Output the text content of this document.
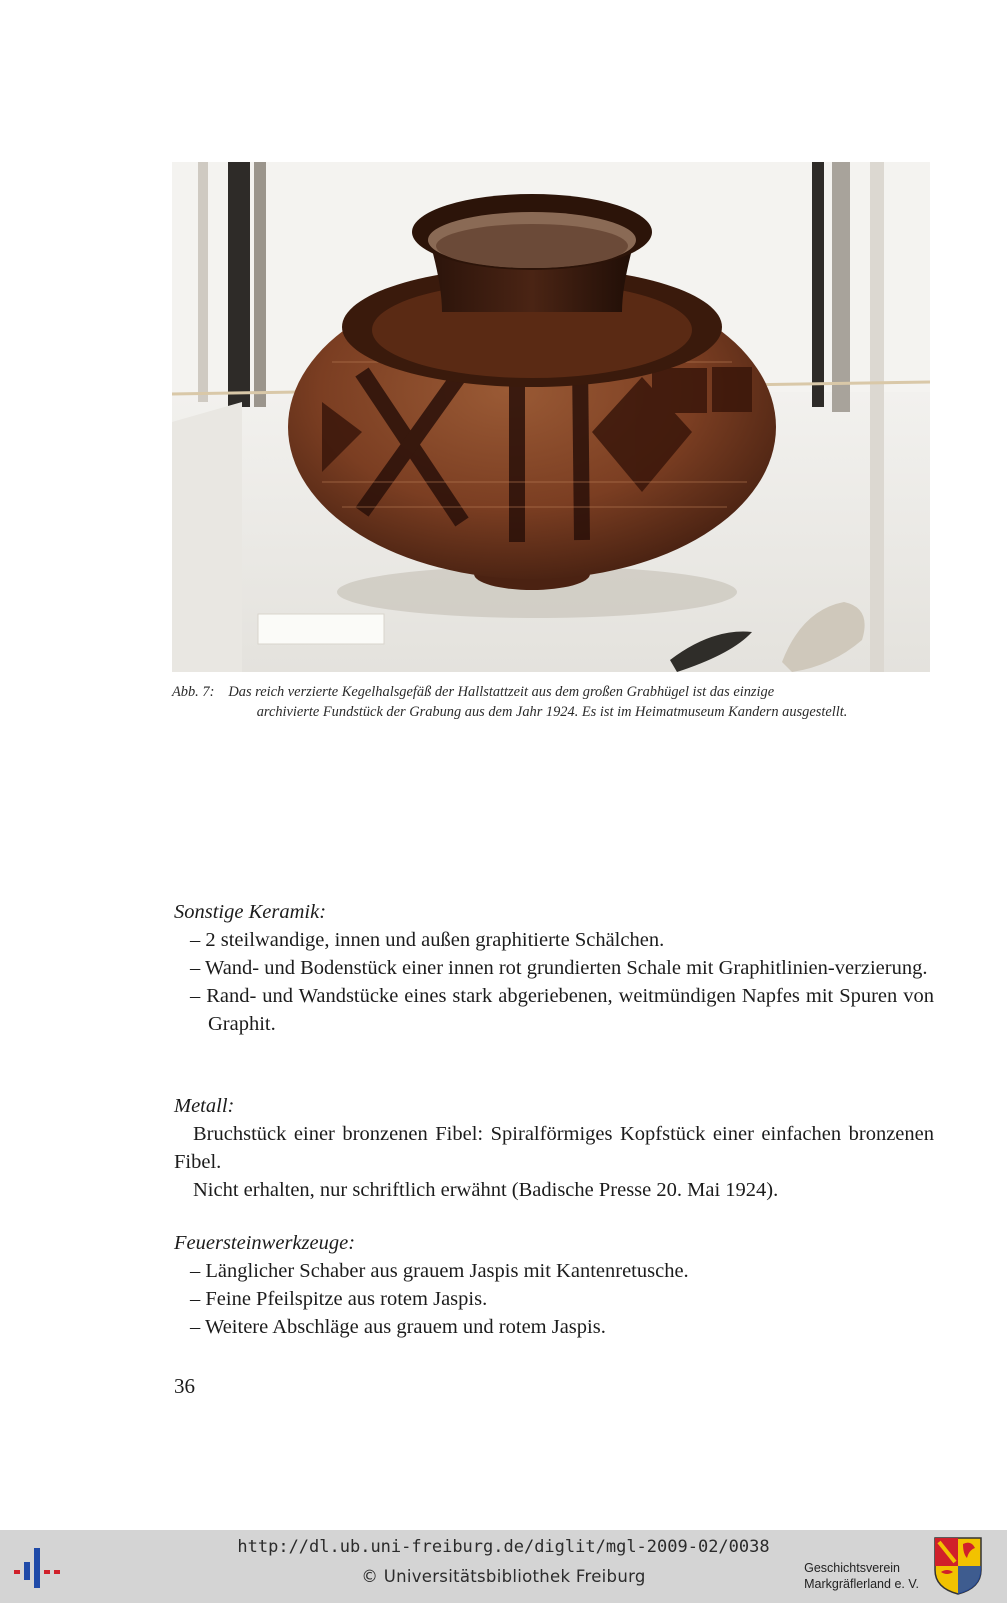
Abb. 7: Das reich verzierte Kegelhalsgefäß der Hallstattzeit aus dem großen Grabhügel ist das einzige
archivierte Fundstück der Grabung aus dem Jahr 1924. Es ist im Heimatmuseum Kandern ausgestellt.
Sonstige Keramik:
– 2 steilwandige, innen und außen graphitierte Schälchen.
– Wand- und Bodenstück einer innen rot grundierten Schale mit Graphitlinien-verzierung.
– Rand- und Wandstücke eines stark abgeriebenen, weitmündigen Napfes mit Spuren von Graphit.
Metall:
Bruchstück einer bronzenen Fibel: Spiralförmiges Kopfstück einer einfachen bronzenen Fibel.
Nicht erhalten, nur schriftlich erwähnt (Badische Presse 20. Mai 1924).
Feuersteinwerkzeuge:
– Länglicher Schaber aus grauem Jaspis mit Kantenretusche.
– Feine Pfeilspitze aus rotem Jaspis.
– Weitere Abschläge aus grauem und rotem Jaspis.
36
http://dl.ub.uni-freiburg.de/diglit/mgl-2009-02/0038
© Universitätsbibliothek Freiburg	Geschichtsverein
Markgräflerland e. V.
